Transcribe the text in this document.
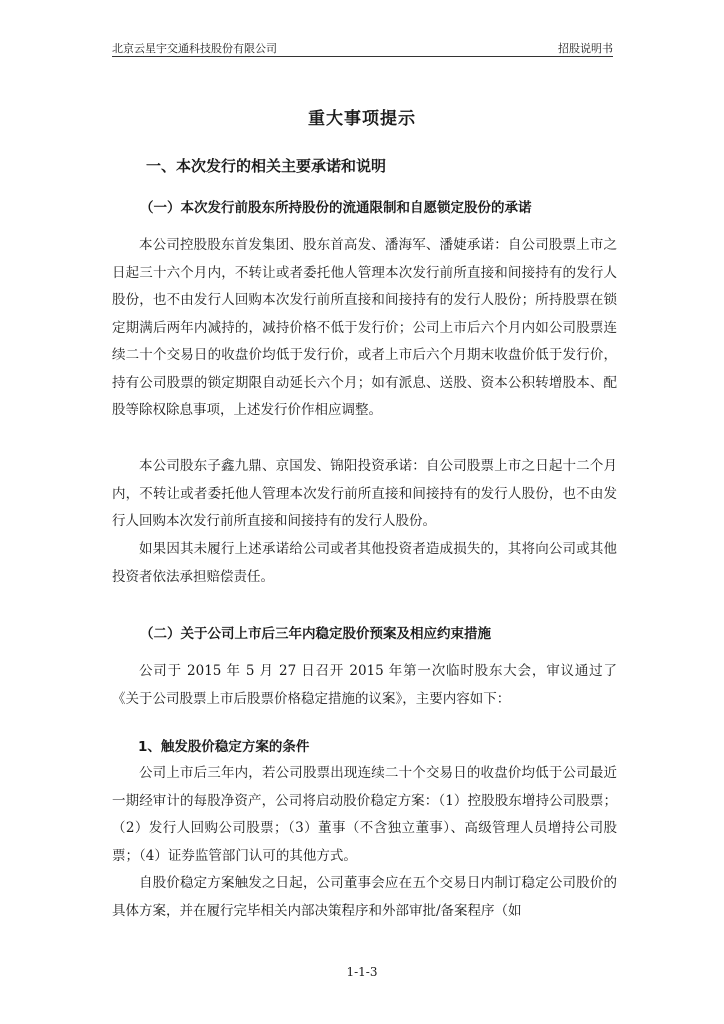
北京云星宇交通科技股份有限公司	招股说明书
重大事项提示
一、本次发行的相关主要承诺和说明
（一）本次发行前股东所持股份的流通限制和自愿锁定股份的承诺

本公司控股股东首发集团、股东首高发、潘海军、潘婕承诺：自公司股票上市之日起三十六个月内，不转让或者委托他人管理本次发行前所直接和间接持有的发行人股份，也不由发行人回购本次发行前所直接和间接持有的发行人股份；所持股票在锁定期满后两年内减持的，减持价格不低于发行价；公司上市后六个月内如公司股票连续二十个交易日的收盘价均低于发行价，或者上市后六个月期末收盘价低于发行价，持有公司股票的锁定期限自动延长六个月；如有派息、送股、资本公积转增股本、配股等除权除息事项，上述发行价作相应调整。

本公司股东子鑫九鼎、京国发、锦阳投资承诺：自公司股票上市之日起十二个月内，不转让或者委托他人管理本次发行前所直接和间接持有的发行人股份，也不由发行人回购本次发行前所直接和间接持有的发行人股份。

如果因其未履行上述承诺给公司或者其他投资者造成损失的，其将向公司或其他投资者依法承担赔偿责任。

（二）关于公司上市后三年内稳定股价预案及相应约束措施

公司于 2015 年 5 月 27 日召开 2015 年第一次临时股东大会，审议通过了《关于公司股票上市后股票价格稳定措施的议案》，主要内容如下：

1、触发股价稳定方案的条件

公司上市后三年内，若公司股票出现连续二十个交易日的收盘价均低于公司最近一期经审计的每股净资产，公司将启动股价稳定方案：（1）控股股东增持公司股票；（2）发行人回购公司股票；（3）董事（不含独立董事）、高级管理人员增持公司股票；（4）证券监管部门认可的其他方式。

自股价稳定方案触发之日起，公司董事会应在五个交易日内制订稳定公司股价的具体方案，并在履行完毕相关内部决策程序和外部审批/备案程序（如

1-1-3
